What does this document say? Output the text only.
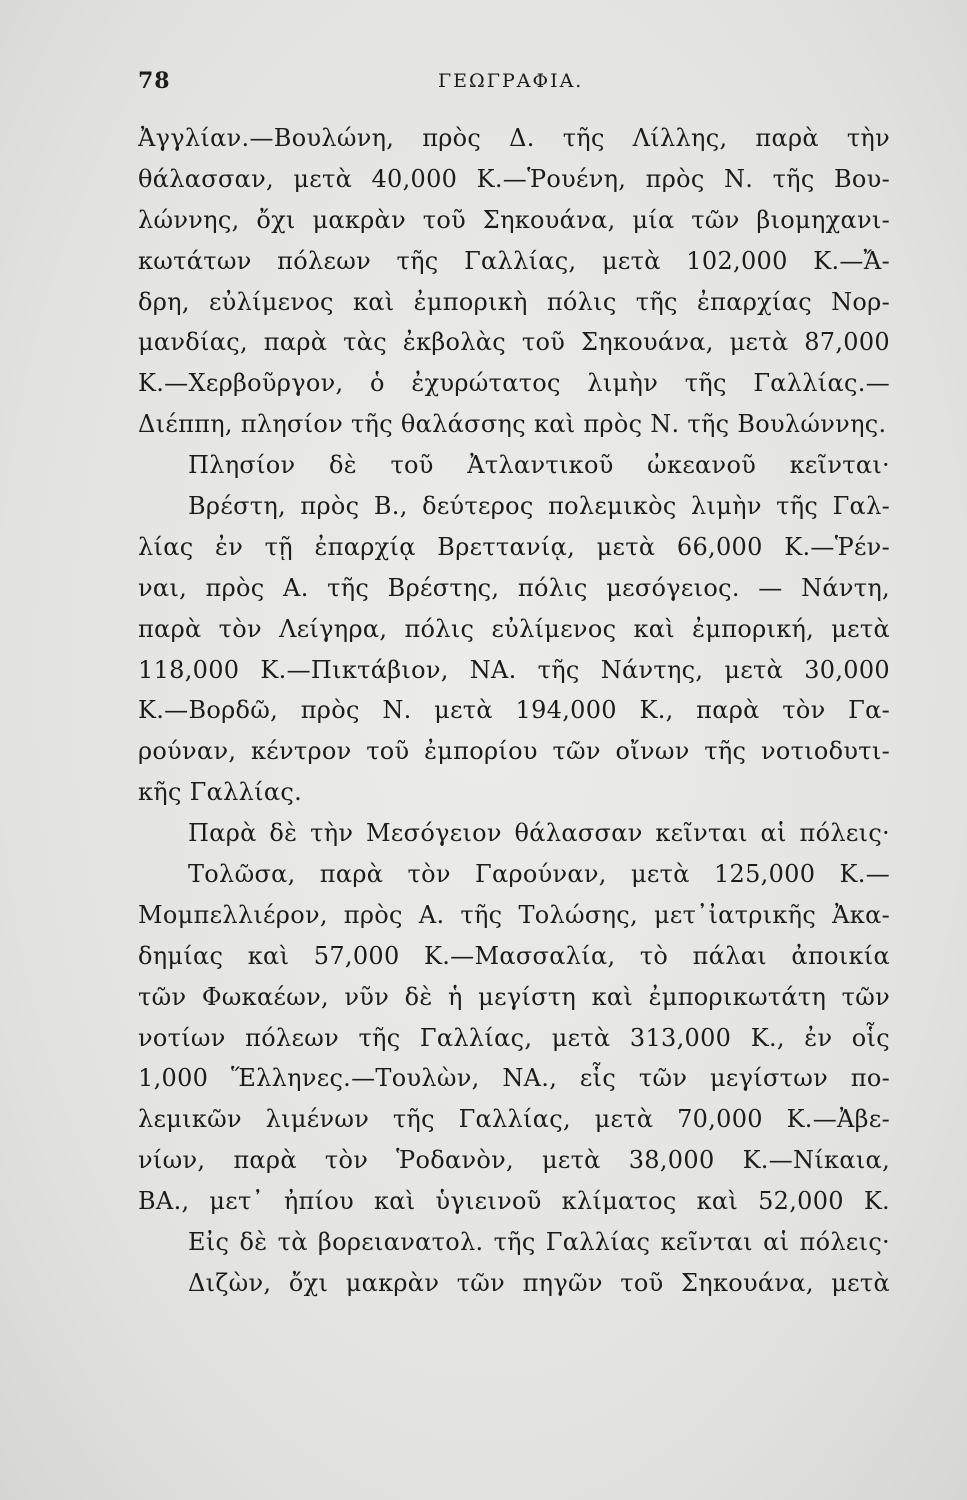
78	ΓΕΩΓΡΑΦΙΑ.
Ἀγγλίαν.—Βουλώνη, πρὸς Δ. τῆς Λίλλης, παρὰ τὴν
θάλασσαν, μετὰ 40,000 Κ.—Ῥουένη, πρὸς Ν. τῆς Βου-
λώννης, ὄχι μακρὰν τοῦ Σηκουάνα, μία τῶν βιομηχανι-
κωτάτων πόλεων τῆς Γαλλίας, μετὰ 102,000 Κ.—Ἄ-
δρη, εὐλίμενος καὶ ἐμπορικὴ πόλις τῆς ἐπαρχίας Νορ-
μανδίας, παρὰ τὰς ἐκβολὰς τοῦ Σηκουάνα, μετὰ 87,000
Κ.—Χερβοῦργον, ὁ ἐχυρώτατος λιμὴν τῆς Γαλλίας.—
Διέππη, πλησίον τῆς θαλάσσης καὶ πρὸς Ν. τῆς Βουλώννης.
Πλησίον δὲ τοῦ Ἀτλαντικοῦ ὠκεανοῦ κεῖνται·
Βρέστη, πρὸς Β., δεύτερος πολεμικὸς λιμὴν τῆς Γαλ-
λίας ἐν τῇ ἐπαρχίᾳ Βρεττανίᾳ, μετὰ 66,000 Κ.—Ῥέν-
ναι, πρὸς Α. τῆς Βρέστης, πόλις μεσόγειος. — Νάντη,
παρὰ τὸν Λείγηρα, πόλις εὐλίμενος καὶ ἐμπορική, μετὰ
118,000 Κ.—Πικτάβιον, ΝΑ. τῆς Νάντης, μετὰ 30,000
Κ.—Βορδῶ, πρὸς Ν. μετὰ 194,000 Κ., παρὰ τὸν Γα-
ρούναν, κέντρον τοῦ ἐμπορίου τῶν οἴνων τῆς νοτιοδυτι-
κῆς Γαλλίας.
Παρὰ δὲ τὴν Μεσόγειον θάλασσαν κεῖνται αἱ πόλεις·
Τολῶσα, παρὰ τὸν Γαρούναν, μετὰ 125,000 Κ.—
Μομπελλιέρον, πρὸς Α. τῆς Τολώσης, μετ᾽ἰατρικῆς Ἀκα-
δημίας καὶ 57,000 Κ.—Μασσαλία, τὸ πάλαι ἀποικία
τῶν Φωκαέων, νῦν δὲ ἡ μεγίστη καὶ ἐμπορικωτάτη τῶν
νοτίων πόλεων τῆς Γαλλίας, μετὰ 313,000 Κ., ἐν οἷς
1,000 Ἕλληνες.—Τουλὼν, ΝΑ., εἷς τῶν μεγίστων πο-
λεμικῶν λιμένων τῆς Γαλλίας, μετὰ 70,000 Κ.—Ἀβε-
νίων, παρὰ τὸν Ῥοδανὸν, μετὰ 38,000 Κ.—Νίκαια,
ΒΑ., μετ᾽ ἠπίου καὶ ὑγιεινοῦ κλίματος καὶ 52,000 Κ.
Εἰς δὲ τὰ βορειανατολ. τῆς Γαλλίας κεῖνται αἱ πόλεις·
Διζὼν, ὄχι μακρὰν τῶν πηγῶν τοῦ Σηκουάνα, μετὰ
